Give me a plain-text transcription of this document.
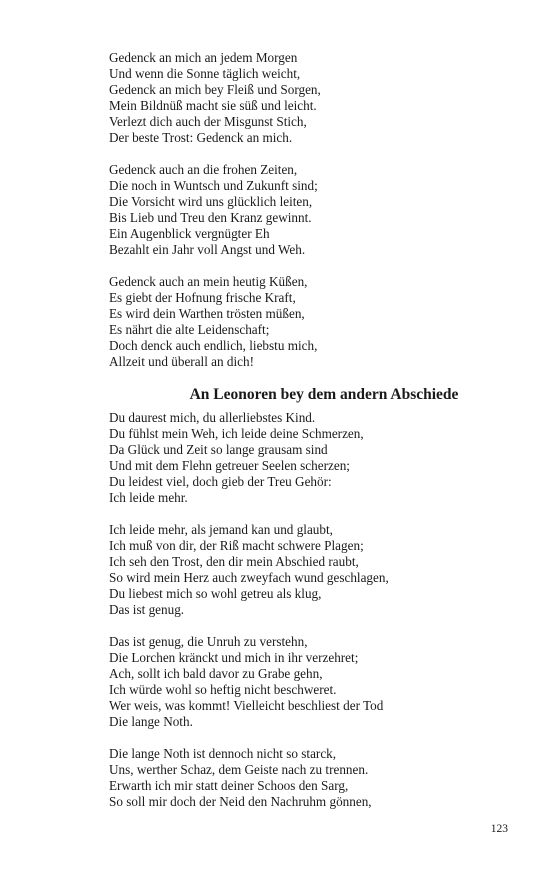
Gedenck an mich an jedem Morgen
Und wenn die Sonne täglich weicht,
Gedenck an mich bey Fleiß und Sorgen,
Mein Bildnüß macht sie süß und leicht.
Verlezt dich auch der Misgunst Stich,
Der beste Trost: Gedenck an mich.
Gedenck auch an die frohen Zeiten,
Die noch in Wuntsch und Zukunft sind;
Die Vorsicht wird uns glücklich leiten,
Bis Lieb und Treu den Kranz gewinnt.
Ein Augenblick vergnügter Eh
Bezahlt ein Jahr voll Angst und Weh.
Gedenck auch an mein heutig Küßen,
Es giebt der Hofnung frische Kraft,
Es wird dein Warthen trösten müßen,
Es nährt die alte Leidenschaft;
Doch denck auch endlich, liebstu mich,
Allzeit und überall an dich!
An Leonoren bey dem andern Abschiede
Du daurest mich, du allerliebstes Kind.
Du fühlst mein Weh, ich leide deine Schmerzen,
Da Glück und Zeit so lange grausam sind
Und mit dem Flehn getreuer Seelen scherzen;
Du leidest viel, doch gieb der Treu Gehör:
Ich leide mehr.
Ich leide mehr, als jemand kan und glaubt,
Ich muß von dir, der Riß macht schwere Plagen;
Ich seh den Trost, den dir mein Abschied raubt,
So wird mein Herz auch zweyfach wund geschlagen,
Du liebest mich so wohl getreu als klug,
Das ist genug.
Das ist genug, die Unruh zu verstehn,
Die Lorchen kränckt und mich in ihr verzehret;
Ach, sollt ich bald davor zu Grabe gehn,
Ich würde wohl so heftig nicht beschweret.
Wer weis, was kommt! Vielleicht beschliest der Tod
Die lange Noth.
Die lange Noth ist dennoch nicht so starck,
Uns, werther Schaz, dem Geiste nach zu trennen.
Erwarth ich mir statt deiner Schoos den Sarg,
So soll mir doch der Neid den Nachruhm gönnen,
123
